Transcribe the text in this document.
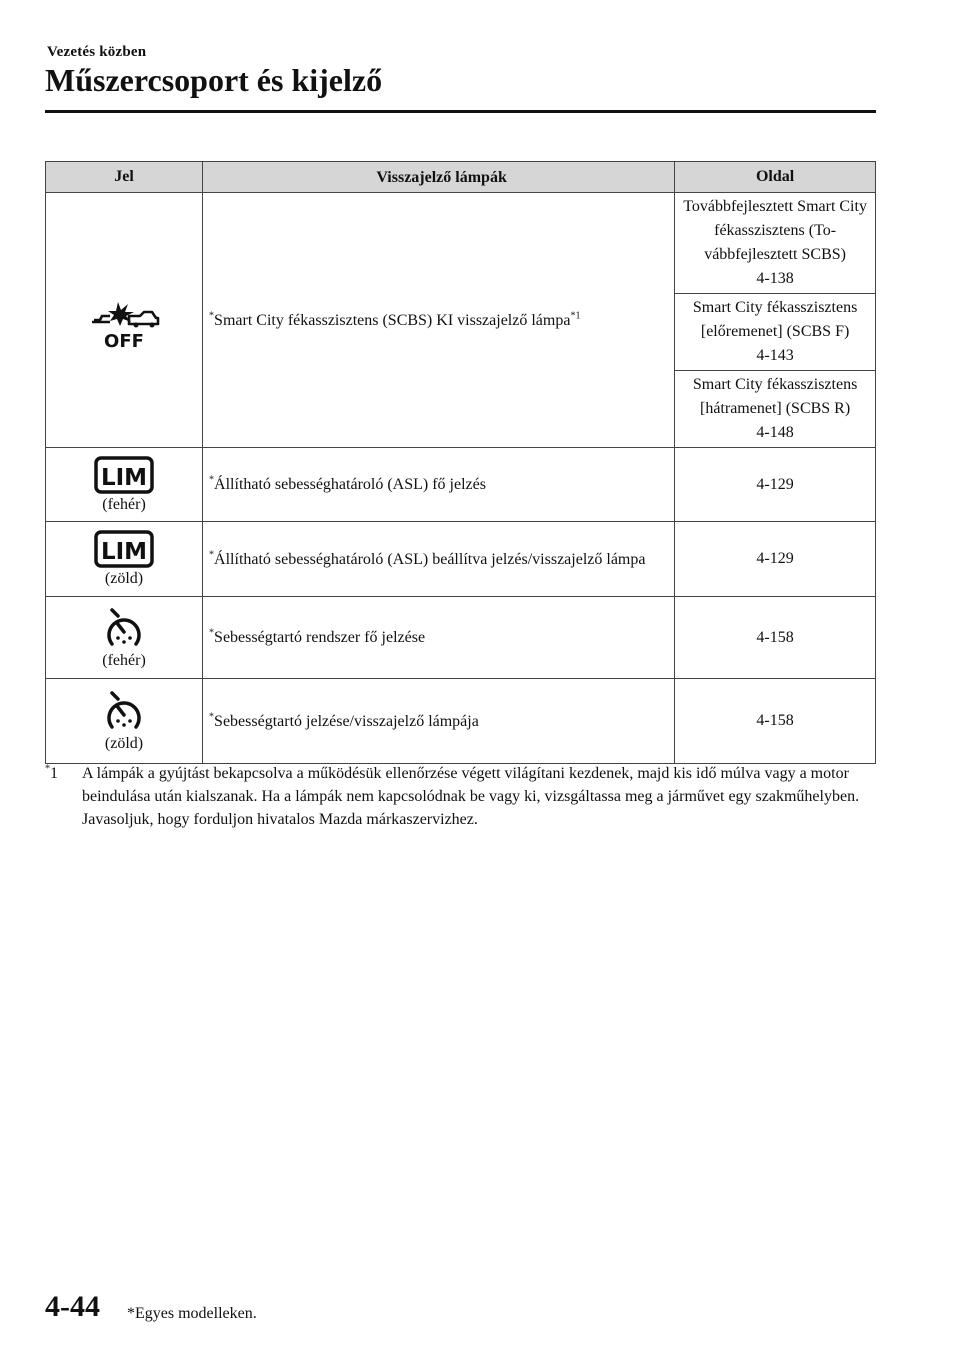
Vezetés közben
Műszercsoport és kijelző
Jel	Visszajelző lámpák	Oldal

OFF	*Smart City fékasszisztens (SCBS) KI visszajelző lámpa$^{*1}$	Továbbfejlesztett Smart City fékasszisztens (To-vábbfejlesztett SCBS)
4-138

		Smart City fékasszisztens [előremenet] (SCBS F)
4-143

		Smart City fékasszisztens [hátramenet] (SCBS R)
4-148

LIM
(fehér)	*Állítható sebességhatároló (ASL) fő jelzés	4-129

LIM
(zöld)	*Állítható sebességhatároló (ASL) beállítva jelzés/visszajelző lámpa	4-129

(fehér)	*Sebességtartó rendszer fő jelzése	4-158

(zöld)	*Sebességtartó jelzése/visszajelző lámpája	4-158
*1 A lámpák a gyújtást bekapcsolva a működésük ellenőrzése végett világítani kezdenek, majd kis idő múlva vagy a motor beindulása után kialszanak. Ha a lámpák nem kapcsolódnak be vagy ki, vizsgáltassa meg a járművet egy szakműhelyben. Javasoljuk, hogy forduljon hivatalos Mazda márkaszervizhez.
4-44 *Egyes modelleken.
